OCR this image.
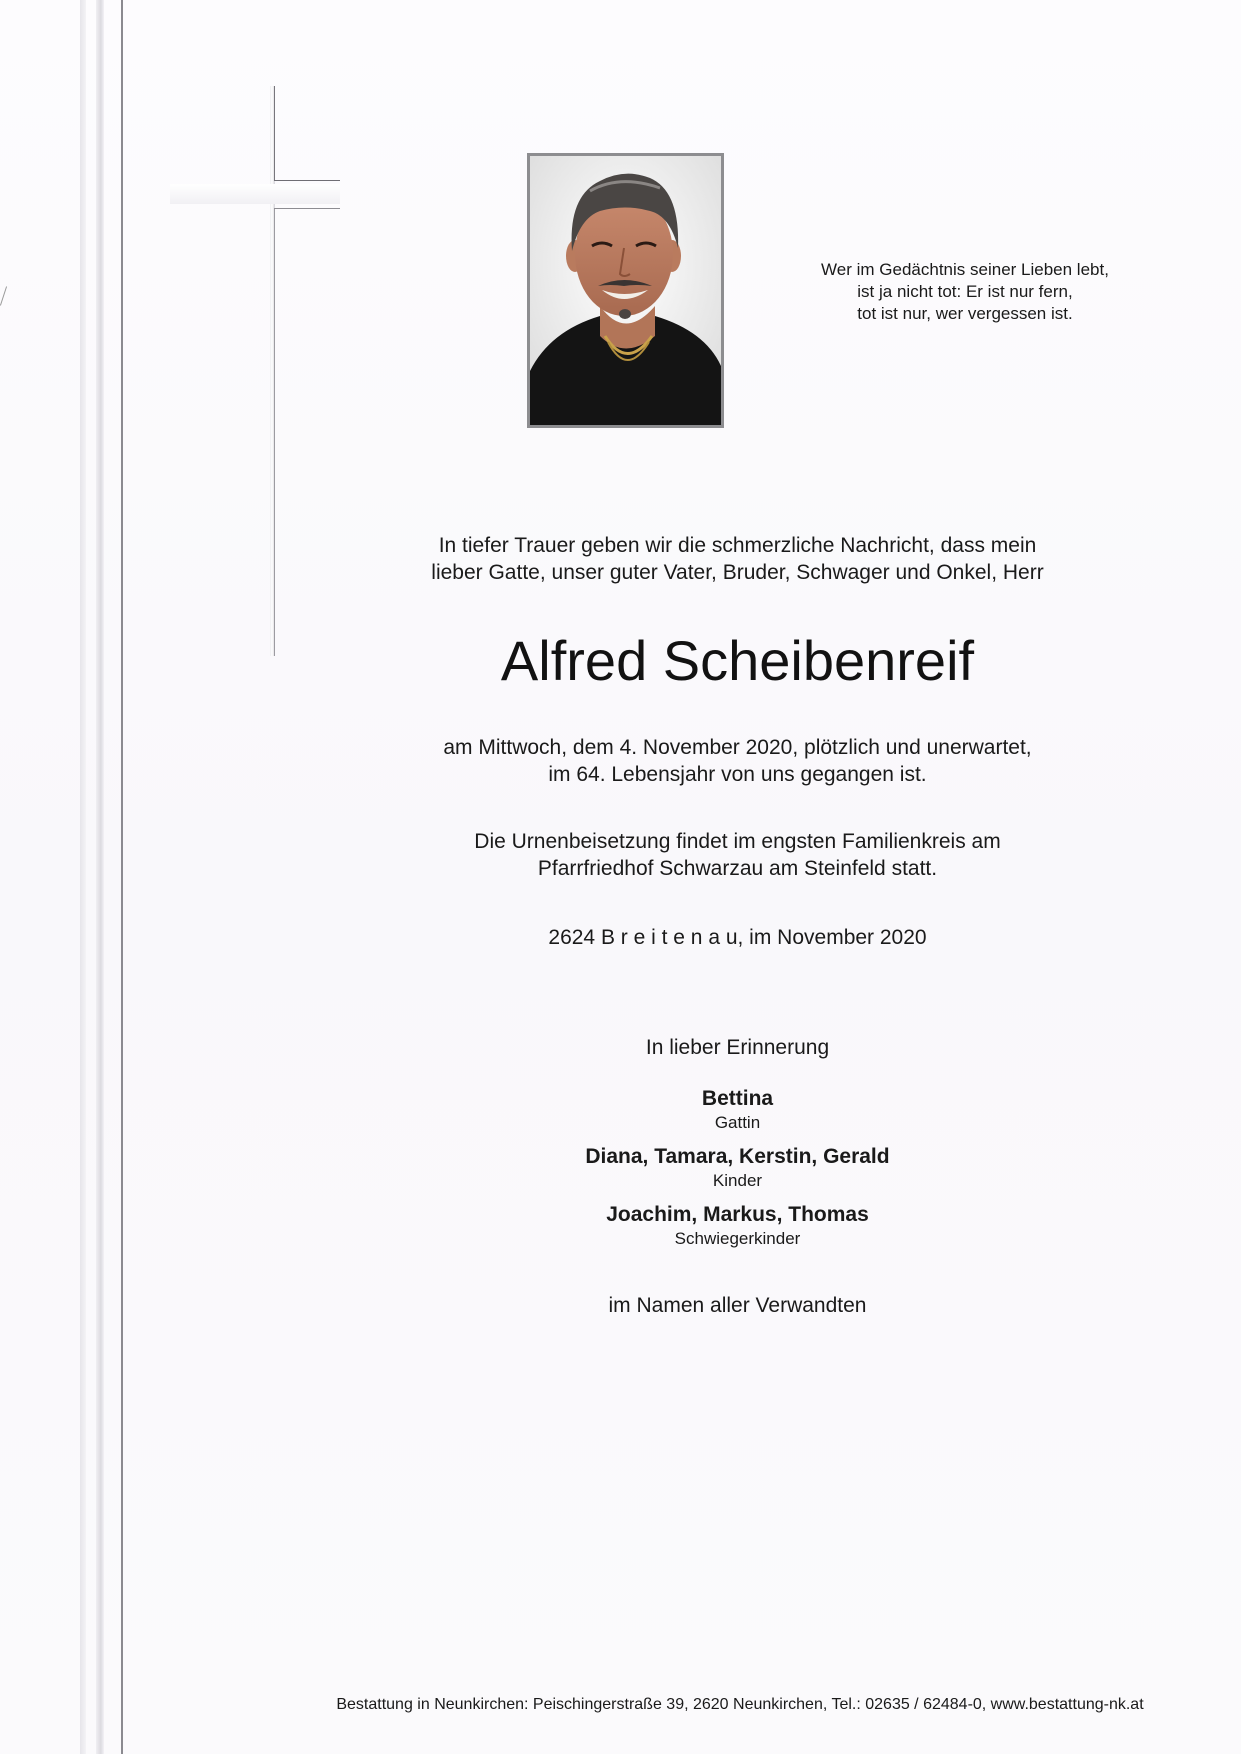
Wer im Gedächtnis seiner Lieben lebt,
ist ja nicht tot: Er ist nur fern,
tot ist nur, wer vergessen ist.
In tiefer Trauer geben wir die schmerzliche Nachricht, dass mein
lieber Gatte, unser guter Vater, Bruder, Schwager und Onkel, Herr
Alfred Scheibenreif
am Mittwoch, dem 4. November 2020, plötzlich und unerwartet,
im 64. Lebensjahr von uns gegangen ist.
Die Urnenbeisetzung findet im engsten Familienkreis am
Pfarrfriedhof Schwarzau am Steinfeld statt.
2624 B r e i t e n a u, im November 2020
In lieber Erinnerung
Bettina
Gattin
Diana, Tamara, Kerstin, Gerald
Kinder
Joachim, Markus, Thomas
Schwiegerkinder
im Namen aller Verwandten
Bestattung in Neunkirchen: Peischingerstraße 39, 2620 Neunkirchen, Tel.: 02635 / 62484-0, www.bestattung-nk.at
